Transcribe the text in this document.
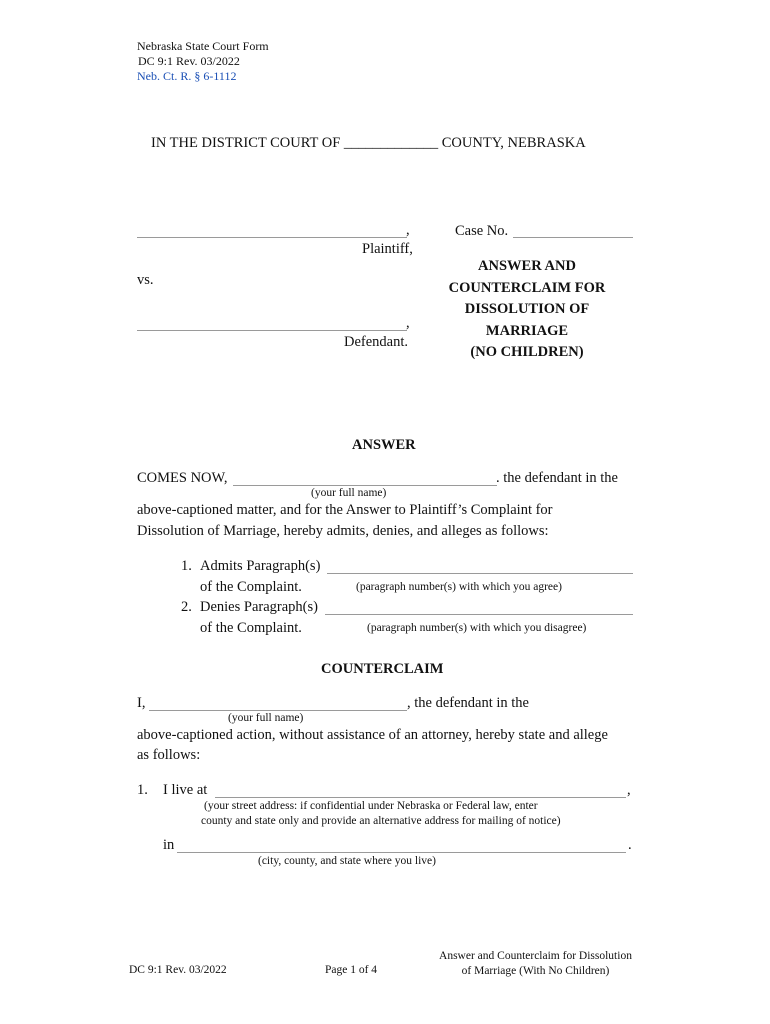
Nebraska State Court Form
DC 9:1 Rev. 03/2022
Neb. Ct. R. § 6-1112
IN THE DISTRICT COURT OF _____________ COUNTY, NEBRASKA
,
Plaintiff,
vs.
,
Defendant.
Case No.
ANSWER AND
COUNTERCLAIM FOR
DISSOLUTION OF
MARRIAGE
(NO CHILDREN)
ANSWER
COMES NOW,	. the defendant in the
(your full name)
above-captioned matter, and for the Answer to Plaintiff’s Complaint for
Dissolution of Marriage, hereby admits, denies, and alleges as follows:
1. Admits Paragraph(s)
of the Complaint.	(paragraph number(s) with which you agree)
2. Denies Paragraph(s)
of the Complaint.	(paragraph number(s) with which you disagree)
COUNTERCLAIM
I,	, the defendant in the
(your full name)
above-captioned action, without assistance of an attorney, hereby state and allege
as follows:
1. I live at	,
(your street address: if confidential under Nebraska or Federal law, enter
county and state only and provide an alternative address for mailing of notice)
in	.
(city, county, and state where you live)
DC 9:1 Rev. 03/2022	Page 1 of 4
Answer and Counterclaim for Dissolution
of Marriage (With No Children)
